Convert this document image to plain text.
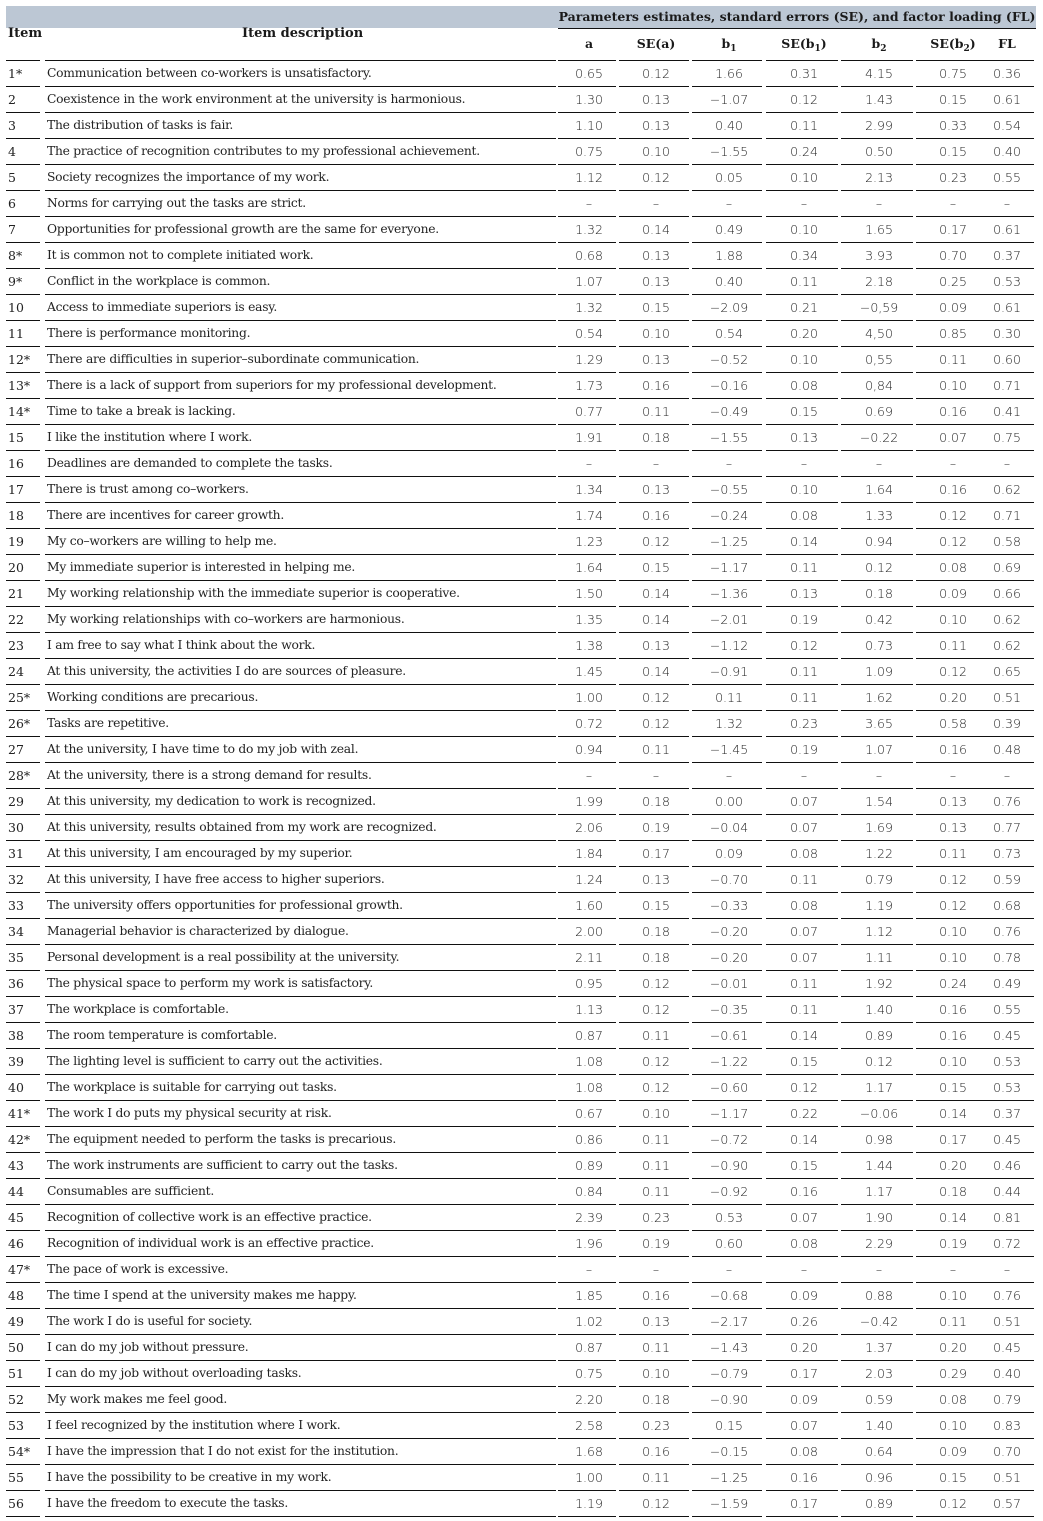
Parameters estimates, standard errors (SE), and factor loading (FL)
Item	Item description
a	SE(a)	$b_1$	$SE(b_1)$	$b_2$	$SE(b_2)$	FL
1*	Communication between co-workers is unsatisfactory.	0.65	0.12	1.66	0.31	4.15	0.75	0.36
2	Coexistence in the work environment at the university is harmonious.	1.30	0.13	−1.07	0.12	1.43	0.15	0.61
3	The distribution of tasks is fair.	1.10	0.13	0.40	0.11	2.99	0.33	0.54
4	The practice of recognition contributes to my professional achievement.	0.75	0.10	−1.55	0.24	0.50	0.15	0.40
5	Society recognizes the importance of my work.	1.12	0.12	0.05	0.10	2.13	0.23	0.55
6	Norms for carrying out the tasks are strict.	–	–	–	–	–	–	–
7	Opportunities for professional growth are the same for everyone.	1.32	0.14	0.49	0.10	1.65	0.17	0.61
8*	It is common not to complete initiated work.	0.68	0.13	1.88	0.34	3.93	0.70	0.37
9*	Conflict in the workplace is common.	1.07	0.13	0.40	0.11	2.18	0.25	0.53
10	Access to immediate superiors is easy.	1.32	0.15	−2.09	0.21	−0,59	0.09	0.61
11	There is performance monitoring.	0.54	0.10	0.54	0.20	4,50	0.85	0.30
12*	There are difficulties in superior–subordinate communication.	1.29	0.13	−0.52	0.10	0,55	0.11	0.60
13*	There is a lack of support from superiors for my professional development.	1.73	0.16	−0.16	0.08	0,84	0.10	0.71
14*	Time to take a break is lacking.	0.77	0.11	−0.49	0.15	0.69	0.16	0.41
15	I like the institution where I work.	1.91	0.18	−1.55	0.13	−0.22	0.07	0.75
16	Deadlines are demanded to complete the tasks.	–	–	–	–	–	–	–
17	There is trust among co–workers.	1.34	0.13	−0.55	0.10	1.64	0.16	0.62
18	There are incentives for career growth.	1.74	0.16	−0.24	0.08	1.33	0.12	0.71
19	My co–workers are willing to help me.	1.23	0.12	−1.25	0.14	0.94	0.12	0.58
20	My immediate superior is interested in helping me.	1.64	0.15	−1.17	0.11	0.12	0.08	0.69
21	My working relationship with the immediate superior is cooperative.	1.50	0.14	−1.36	0.13	0.18	0.09	0.66
22	My working relationships with co–workers are harmonious.	1.35	0.14	−2.01	0.19	0.42	0.10	0.62
23	I am free to say what I think about the work.	1.38	0.13	−1.12	0.12	0.73	0.11	0.62
24	At this university, the activities I do are sources of pleasure.	1.45	0.14	−0.91	0.11	1.09	0.12	0.65
25*	Working conditions are precarious.	1.00	0.12	0.11	0.11	1.62	0.20	0.51
26*	Tasks are repetitive.	0.72	0.12	1.32	0.23	3.65	0.58	0.39
27	At the university, I have time to do my job with zeal.	0.94	0.11	−1.45	0.19	1.07	0.16	0.48
28*	At the university, there is a strong demand for results.	–	–	–	–	–	–	–
29	At this university, my dedication to work is recognized.	1.99	0.18	0.00	0.07	1.54	0.13	0.76
30	At this university, results obtained from my work are recognized.	2.06	0.19	−0.04	0.07	1.69	0.13	0.77
31	At this university, I am encouraged by my superior.	1.84	0.17	0.09	0.08	1.22	0.11	0.73
32	At this university, I have free access to higher superiors.	1.24	0.13	−0.70	0.11	0.79	0.12	0.59
33	The university offers opportunities for professional growth.	1.60	0.15	−0.33	0.08	1.19	0.12	0.68
34	Managerial behavior is characterized by dialogue.	2.00	0.18	−0.20	0.07	1.12	0.10	0.76
35	Personal development is a real possibility at the university.	2.11	0.18	−0.20	0.07	1.11	0.10	0.78
36	The physical space to perform my work is satisfactory.	0.95	0.12	−0.01	0.11	1.92	0.24	0.49
37	The workplace is comfortable.	1.13	0.12	−0.35	0.11	1.40	0.16	0.55
38	The room temperature is comfortable.	0.87	0.11	−0.61	0.14	0.89	0.16	0.45
39	The lighting level is sufficient to carry out the activities.	1.08	0.12	−1.22	0.15	0.12	0.10	0.53
40	The workplace is suitable for carrying out tasks.	1.08	0.12	−0.60	0.12	1.17	0.15	0.53
41*	The work I do puts my physical security at risk.	0.67	0.10	−1.17	0.22	−0.06	0.14	0.37
42*	The equipment needed to perform the tasks is precarious.	0.86	0.11	−0.72	0.14	0.98	0.17	0.45
43	The work instruments are sufficient to carry out the tasks.	0.89	0.11	−0.90	0.15	1.44	0.20	0.46
44	Consumables are sufficient.	0.84	0.11	−0.92	0.16	1.17	0.18	0.44
45	Recognition of collective work is an effective practice.	2.39	0.23	0.53	0.07	1.90	0.14	0.81
46	Recognition of individual work is an effective practice.	1.96	0.19	0.60	0.08	2.29	0.19	0.72
47*	The pace of work is excessive.	–	–	–	–	–	–	–
48	The time I spend at the university makes me happy.	1.85	0.16	−0.68	0.09	0.88	0.10	0.76
49	The work I do is useful for society.	1.02	0.13	−2.17	0.26	−0.42	0.11	0.51
50	I can do my job without pressure.	0.87	0.11	−1.43	0.20	1.37	0.20	0.45
51	I can do my job without overloading tasks.	0.75	0.10	−0.79	0.17	2.03	0.29	0.40
52	My work makes me feel good.	2.20	0.18	−0.90	0.09	0.59	0.08	0.79
53	I feel recognized by the institution where I work.	2.58	0.23	0.15	0.07	1.40	0.10	0.83
54*	I have the impression that I do not exist for the institution.	1.68	0.16	−0.15	0.08	0.64	0.09	0.70
55	I have the possibility to be creative in my work.	1.00	0.11	−1.25	0.16	0.96	0.15	0.51
56	I have the freedom to execute the tasks.	1.19	0.12	−1.59	0.17	0.89	0.12	0.57
